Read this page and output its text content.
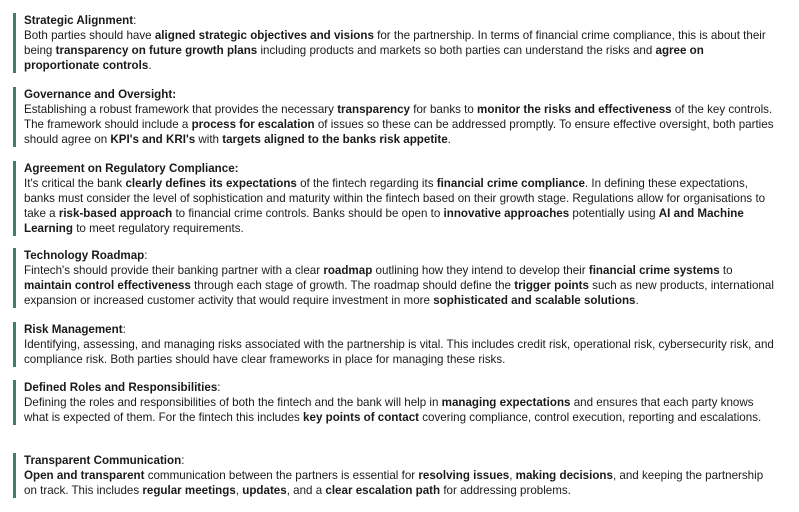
Strategic Alignment:

Both parties should have aligned strategic objectives and visions for the partnership. In terms of financial crime compliance, this is about their being transparency on future growth plans including products and markets so both parties can understand the risks and agree on proportionate controls.

Governance and Oversight:

Establishing a robust framework that provides the necessary transparency for banks to monitor the risks and effectiveness of the key controls. The framework should include a process for escalation of issues so these can be addressed promptly. To ensure effective oversight, both parties should agree on KPI's and KRI's with targets aligned to the banks risk appetite.

Agreement on Regulatory Compliance:

It's critical the bank clearly defines its expectations of the fintech regarding its financial crime compliance. In defining these expectations, banks must consider the level of sophistication and maturity within the fintech based on their growth stage. Regulations allow for organisations to take a risk-based approach to financial crime controls. Banks should be open to innovative approaches potentially using AI and Machine Learning to meet regulatory requirements.

Technology Roadmap:

Fintech's should provide their banking partner with a clear roadmap outlining how they intend to develop their financial crime systems to maintain control effectiveness through each stage of growth. The roadmap should define the trigger points such as new products, international expansion or increased customer activity that would require investment in more sophisticated and scalable solutions.

Risk Management:

Identifying, assessing, and managing risks associated with the partnership is vital. This includes credit risk, operational risk, cybersecurity risk, and compliance risk. Both parties should have clear frameworks in place for managing these risks.

Defined Roles and Responsibilities:

Defining the roles and responsibilities of both the fintech and the bank will help in managing expectations and ensures that each party knows what is expected of them. For the fintech this includes key points of contact covering compliance, control execution, reporting and escalations.

Transparent Communication:

Open and transparent communication between the partners is essential for resolving issues, making decisions, and keeping the partnership on track. This includes regular meetings, updates, and a clear escalation path for addressing problems.
